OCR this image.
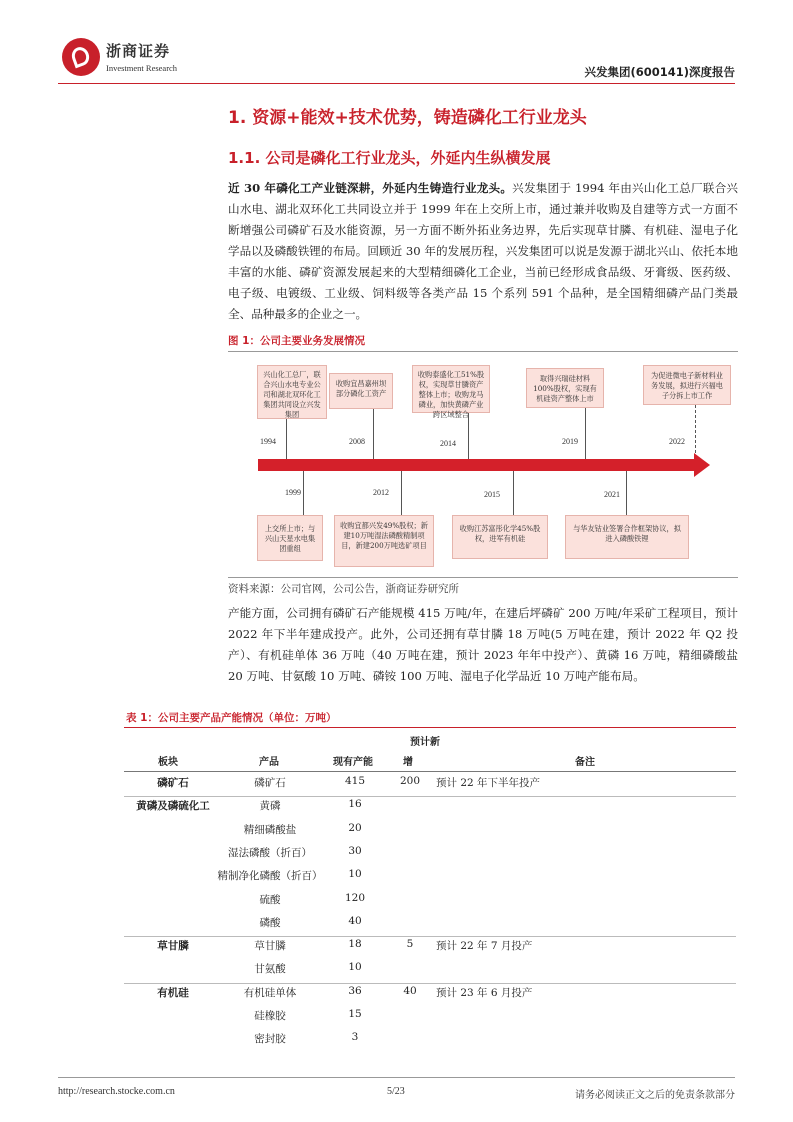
浙商证券
Investment Research	兴发集团(600141)深度报告
1. 资源+能效+技术优势，铸造磷化工行业龙头
1.1. 公司是磷化工行业龙头，外延内生纵横发展
近 30 年磷化工产业链深耕，外延内生铸造行业龙头。兴发集团于 1994 年由兴山化工总厂联合兴山水电、湖北双环化工共同设立并于 1999 年在上交所上市，通过兼并收购及自建等方式一方面不断增强公司磷矿石及水能资源，另一方面不断外拓业务边界，先后实现草甘膦、有机硅、湿电子化学品以及磷酸铁锂的布局。回顾近 30 年的发展历程，兴发集团可以说是发源于湖北兴山、依托本地丰富的水能、磷矿资源发展起来的大型精细磷化工企业，当前已经形成食品级、牙膏级、医药级、电子级、电镀级、工业级、饲料级等各类产品 15 个系列 591 个品种，是全国精细磷产品门类最全、品种最多的企业之一。
图 1：公司主要业务发展情况
兴山化工总厂，联合兴山水电专业公司和湖北双环化工集团共同设立兴发集团
收购宜昌嘉州坝部分磷化工资产
收购泰盛化工51%股权，实现草甘膦资产整体上市；收购龙马磷业，加快黄磷产业跨区域整合
取得兴瑞硅材料100%股权，实现有机硅资产整体上市
为促进微电子新材料业务发展，拟进行兴福电子分拆上市工作
1994	2008	2014	2019	2022
1999	2012	2015	2021
上交所上市；与兴山天星水电集团重组
收购宜都兴发49%股权；新建10万吨湿法磷酸精制项目，新建200万吨选矿项目
收购江苏富彤化学45%股权，进军有机硅
与华友钴业签署合作框架协议，拟进入磷酸铁锂
资料来源：公司官网，公司公告，浙商证券研究所
产能方面，公司拥有磷矿石产能规模 415 万吨/年，在建后坪磷矿 200 万吨/年采矿工程项目，预计 2022 年下半年建成投产。此外，公司还拥有草甘膦 18 万吨(5 万吨在建，预计 2022 年 Q2 投产）、有机硅单体 36 万吨（40 万吨在建，预计 2023 年年中投产）、黄磷 16 万吨，精细磷酸盐 20 万吨、甘氨酸 10 万吨、磷铵 100 万吨、湿电子化学品近 10 万吨产能布局。
表 1：公司主要产品产能情况（单位：万吨）
预计新
板块	产品	现有产能	增	备注
磷矿石	磷矿石	415	200	预计 22 年下半年投产
黄磷及磷硫化工	黄磷	16
精细磷酸盐	20
湿法磷酸（折百）	30
精制净化磷酸（折百）	10
硫酸	120
磷酸	40
草甘膦	草甘膦	18	5	预计 22 年 7 月投产
甘氨酸	10
有机硅	有机硅单体	36	40	预计 23 年 6 月投产
硅橡胶	15
密封胶	3
http://research.stocke.com.cn	5/23	请务必阅读正文之后的免责条款部分
